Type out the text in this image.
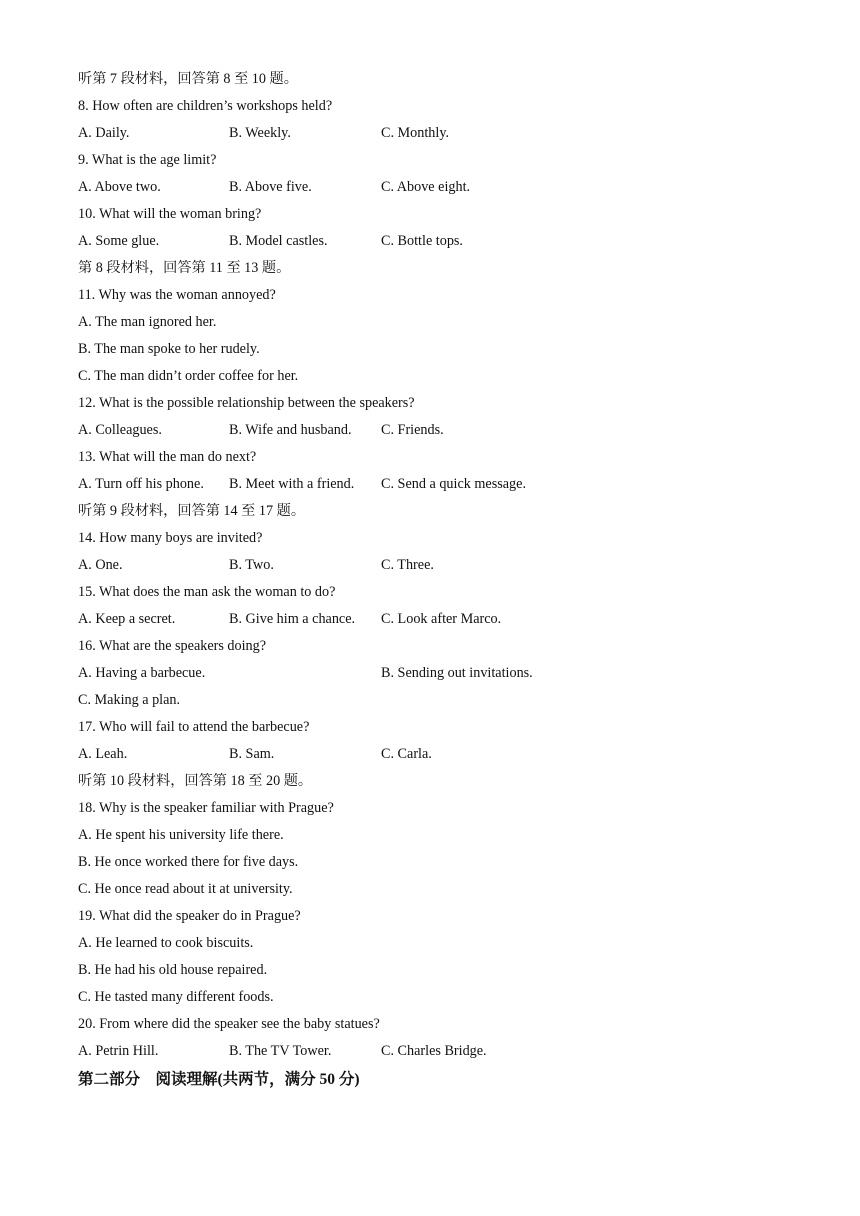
听第 7 段材料，回答第 8 至 10 题。
8. How often are children’s workshops held?
A. Daily.	B. Weekly.	C. Monthly.
9. What is the age limit?
A. Above two.	B. Above five.	C. Above eight.
10. What will the woman bring?
A. Some glue.	B. Model castles.	C. Bottle tops.
第 8 段材料，回答第 11 至 13 题。
11. Why was the woman annoyed?
A. The man ignored her.
B. The man spoke to her rudely.
C. The man didn’t order coffee for her.
12. What is the possible relationship between the speakers?
A. Colleagues.	B. Wife and husband. C. Friends.
13. What will the man do next?
A. Turn off his phone. B. Meet with a friend. C. Send a quick message.
听第 9 段材料，回答第 14 至 17 题。
14. How many boys are invited?
A. One.	B. Two.	C. Three.
15. What does the man ask the woman to do?
A. Keep a secret.	B. Give him a chance. C. Look after Marco.
16. What are the speakers doing?
A. Having a barbecue.	B. Sending out invitations.
C. Making a plan.
17. Who will fail to attend the barbecue?
A. Leah.	B. Sam.	C. Carla.
听第 10 段材料，回答第 18 至 20 题。
18. Why is the speaker familiar with Prague?
A. He spent his university life there.
B. He once worked there for five days.
C. He once read about it at university.
19. What did the speaker do in Prague?
A. He learned to cook biscuits.
B. He had his old house repaired.
C. He tasted many different foods.
20. From where did the speaker see the baby statues?
A. Petrin Hill.	B. The TV Tower.	C. Charles Bridge.
第二部分　阅读理解(共两节，满分 50 分)
